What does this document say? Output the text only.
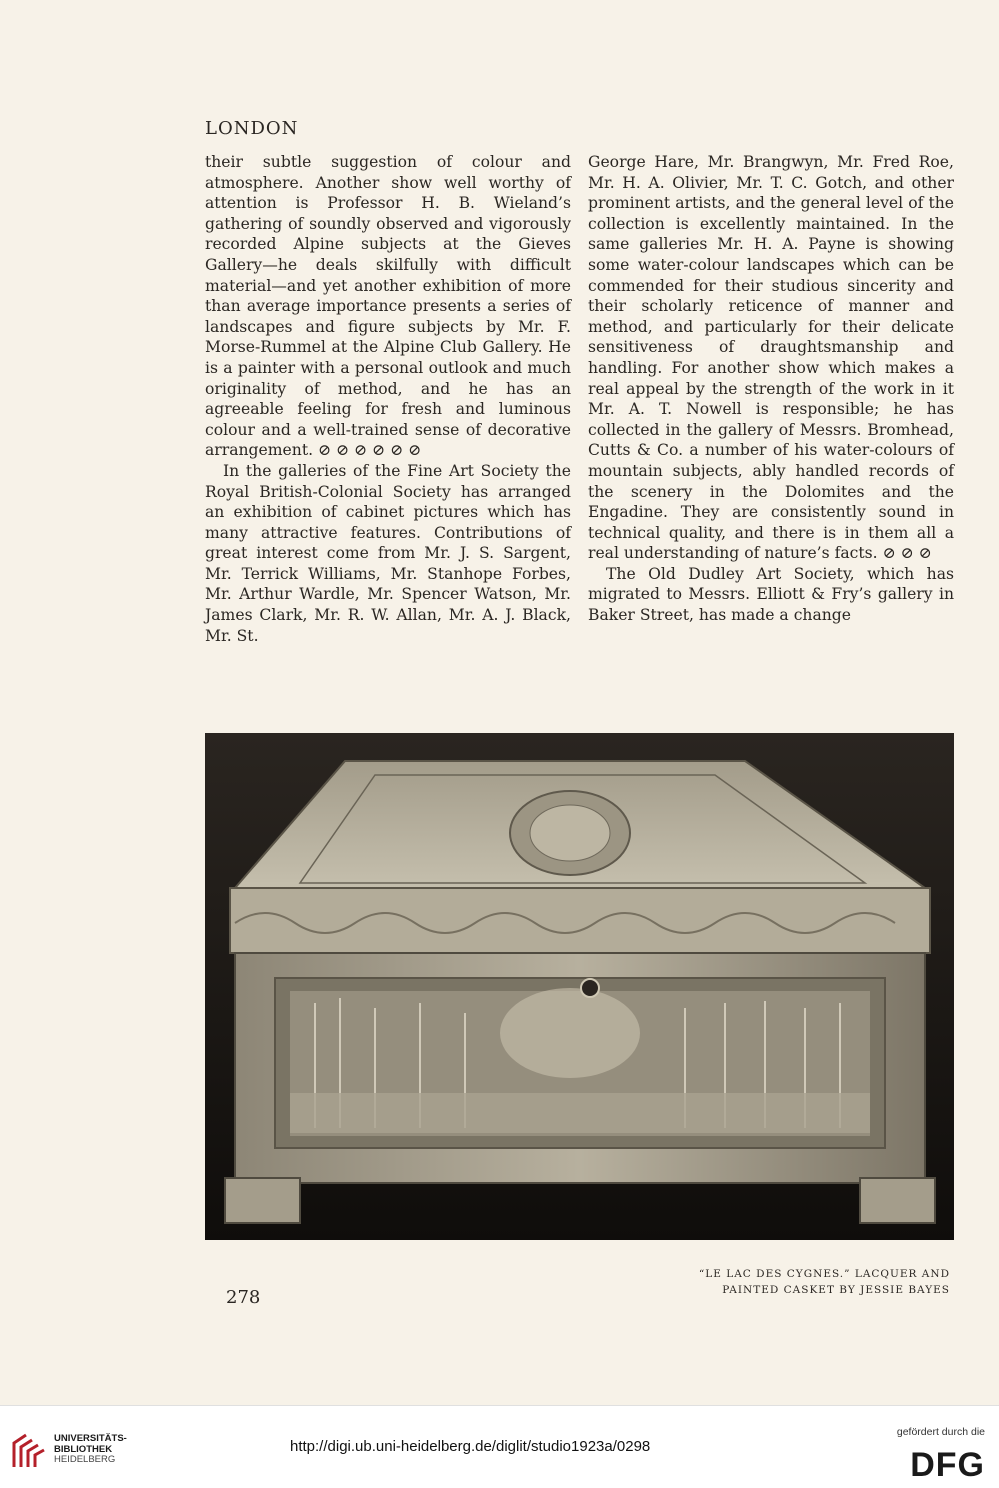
LONDON

their subtle suggestion of colour and atmosphere. Another show well worthy of attention is Professor H. B. Wieland’s gathering of soundly observed and vigorously recorded Alpine subjects at the Gieves Gallery—he deals skilfully with difficult material—and yet another exhibition of more than average importance presents a series of landscapes and figure subjects by Mr. F. Morse-Rummel at the Alpine Club Gallery. He is a painter with a personal outlook and much originality of method, and he has an agreeable feeling for fresh and luminous colour and a well-trained sense of decorative arrangement. ⊘ ⊘ ⊘ ⊘ ⊘ ⊘

In the galleries of the Fine Art Society the Royal British-Colonial Society has arranged an exhibition of cabinet pictures which has many attractive features. Contributions of great interest come from Mr. J. S. Sargent, Mr. Terrick Williams, Mr. Stanhope Forbes, Mr. Arthur Wardle, Mr. Spencer Watson, Mr. James Clark, Mr. R. W. Allan, Mr. A. J. Black, Mr. St.

George Hare, Mr. Brangwyn, Mr. Fred Roe, Mr. H. A. Olivier, Mr. T. C. Gotch, and other prominent artists, and the general level of the collection is excellently maintained. In the same galleries Mr. H. A. Payne is showing some water-colour landscapes which can be commended for their studious sincerity and their scholarly reticence of manner and method, and particularly for their delicate sensitiveness of draughtsmanship and handling. For another show which makes a real appeal by the strength of the work in it Mr. A. T. Nowell is responsible; he has collected in the gallery of Messrs. Bromhead, Cutts & Co. a number of his water-colours of mountain subjects, ably handled records of the scenery in the Dolomites and the Engadine. They are consistently sound in technical quality, and there is in them all a real understanding of nature’s facts. ⊘ ⊘ ⊘

The Old Dudley Art Society, which has migrated to Messrs. Elliott & Fry’s gallery in Baker Street, has made a change

“LE LAC DES CYGNES.” LACQUER AND
PAINTED CASKET BY JESSIE BAYES
278
UNIVERSITÄTS-
BIBLIOTHEK
HEIDELBERG
http://digi.ub.uni-heidelberg.de/diglit/studio1923a/0298
gefördert durch die
DFG
